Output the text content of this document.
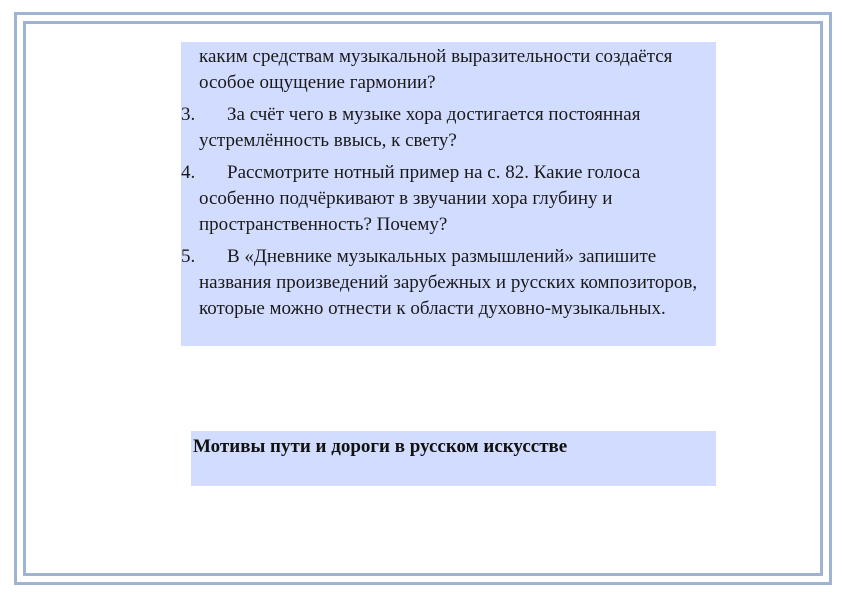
каким средствам музыкальной выразительности создаётся особое ощущение гармонии?
3. За счёт чего в музыке хора достигается постоянная устремлённость ввысь, к свету?
4. Рассмотрите нотный пример на с. 82. Какие голоса особенно подчёркивают в звучании хора глубину и пространственность? Почему?
5. В «Дневнике музыкальных размышлений» запишите названия произведений зарубежных и русских композиторов, которые можно отнести к области духовно-музыкальных.
Мотивы пути и дороги в русском искусстве
